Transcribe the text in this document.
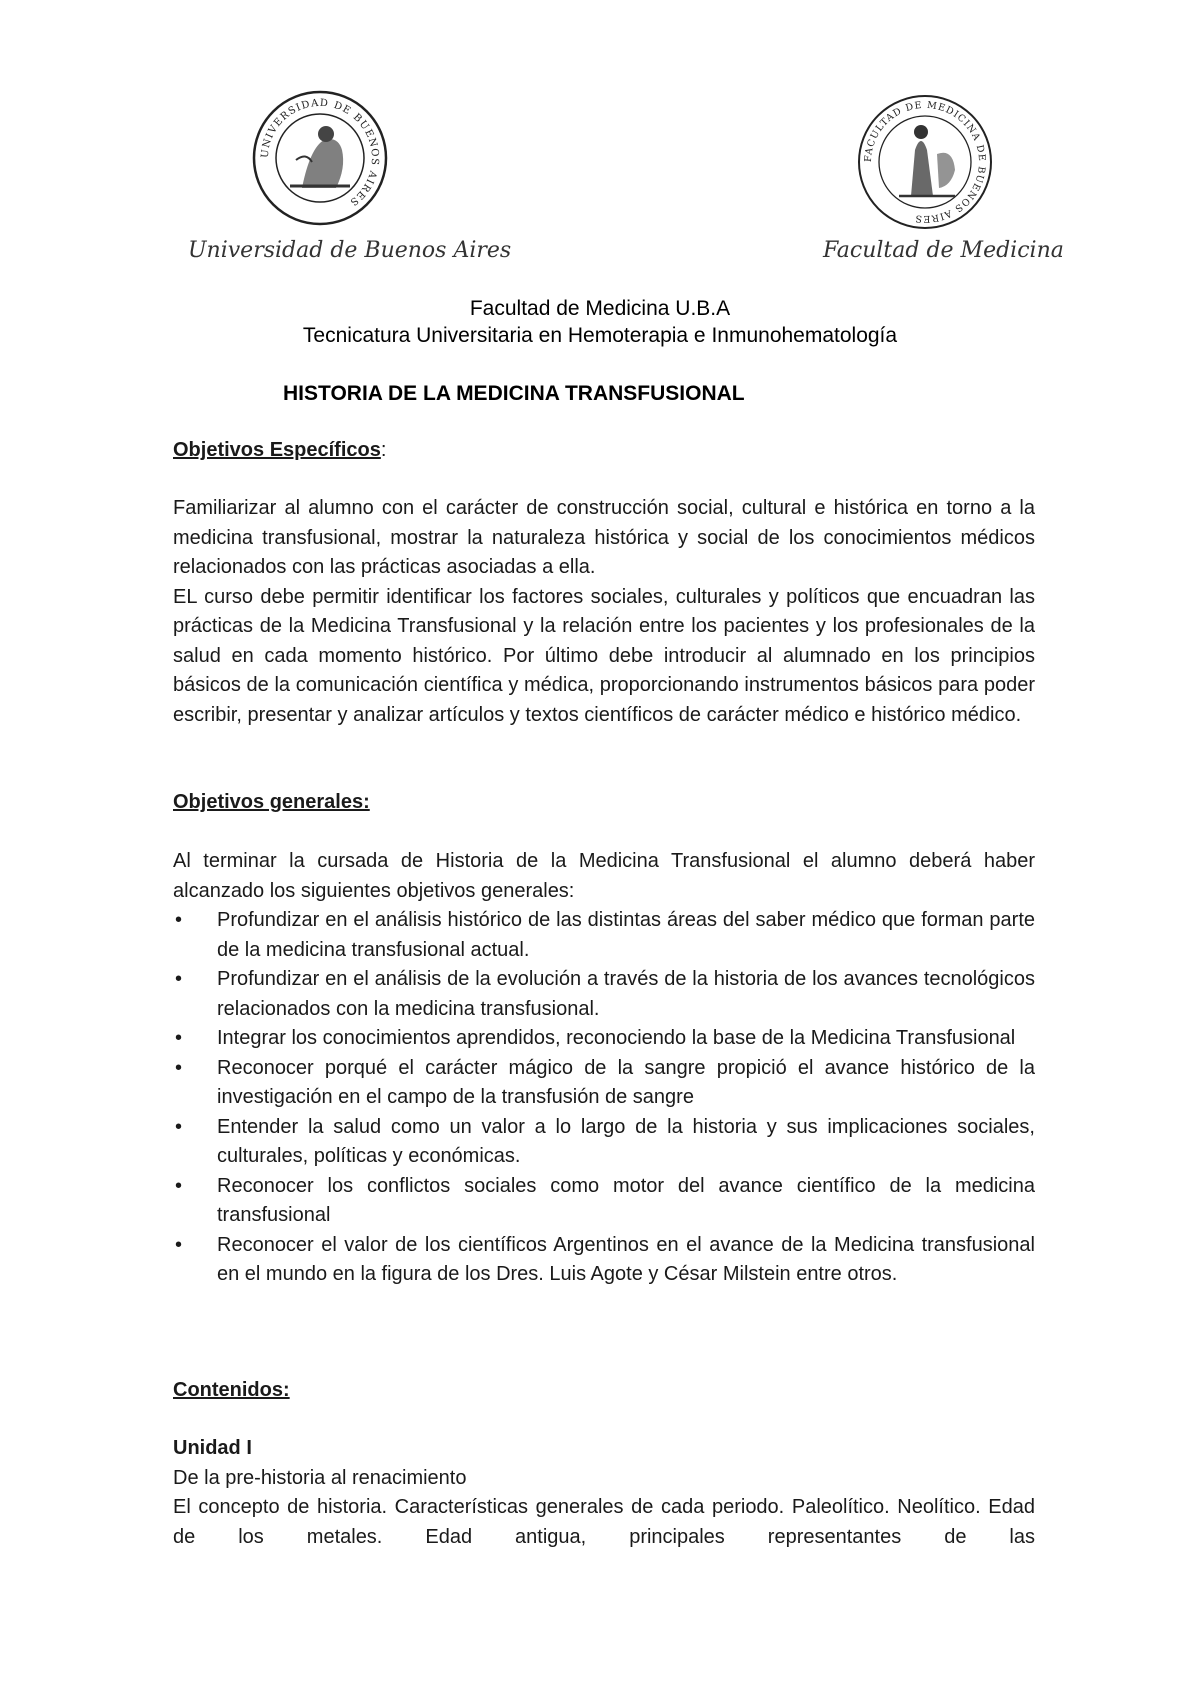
UNIVERSIDAD DE BUENOS AIRES
Universidad de Buenos Aires
FACULTAD DE MEDICINA DE BUENOS AIRES
Facultad de Medicina
Facultad de Medicina U.B.A
Tecnicatura Universitaria en Hemoterapia e Inmunohematología
HISTORIA DE LA MEDICINA TRANSFUSIONAL
Objetivos Específicos:

Familiarizar al alumno con el carácter de construcción social, cultural e histórica en torno a la medicina transfusional, mostrar la naturaleza histórica y social de los conocimientos médicos relacionados con las prácticas asociadas a ella.

EL curso debe permitir identificar los factores sociales, culturales y políticos que encuadran las prácticas de la Medicina Transfusional y la relación entre los pacientes y los profesionales de la salud en cada momento histórico. Por último debe introducir al alumnado en los principios básicos de la comunicación científica y médica, proporcionando instrumentos básicos para poder escribir, presentar y analizar artículos y textos científicos de carácter médico e histórico médico.

Objetivos generales:

Al terminar la cursada de Historia de la Medicina Transfusional el alumno deberá haber alcanzado los siguientes objetivos generales:

• Profundizar en el análisis histórico de las distintas áreas del saber médico que forman parte de la medicina transfusional actual.
• Profundizar en el análisis de la evolución a través de la historia de los avances tecnológicos relacionados con la medicina transfusional.
• Integrar los conocimientos aprendidos, reconociendo la base de la Medicina Transfusional
• Reconocer porqué el carácter mágico de la sangre propició el avance histórico de la investigación en el campo de la transfusión de sangre
• Entender la salud como un valor a lo largo de la historia y sus implicaciones sociales, culturales, políticas y económicas.
• Reconocer los conflictos sociales como motor del avance científico de la medicina transfusional
• Reconocer el valor de los científicos Argentinos en el avance de la Medicina transfusional en el mundo en la figura de los Dres. Luis Agote y César Milstein entre otros.
Contenidos:
Unidad I
De la pre-historia al renacimiento

El concepto de historia. Características generales de cada periodo. Paleolítico. Neolítico. Edad de los metales. Edad antigua, principales representantes de las
